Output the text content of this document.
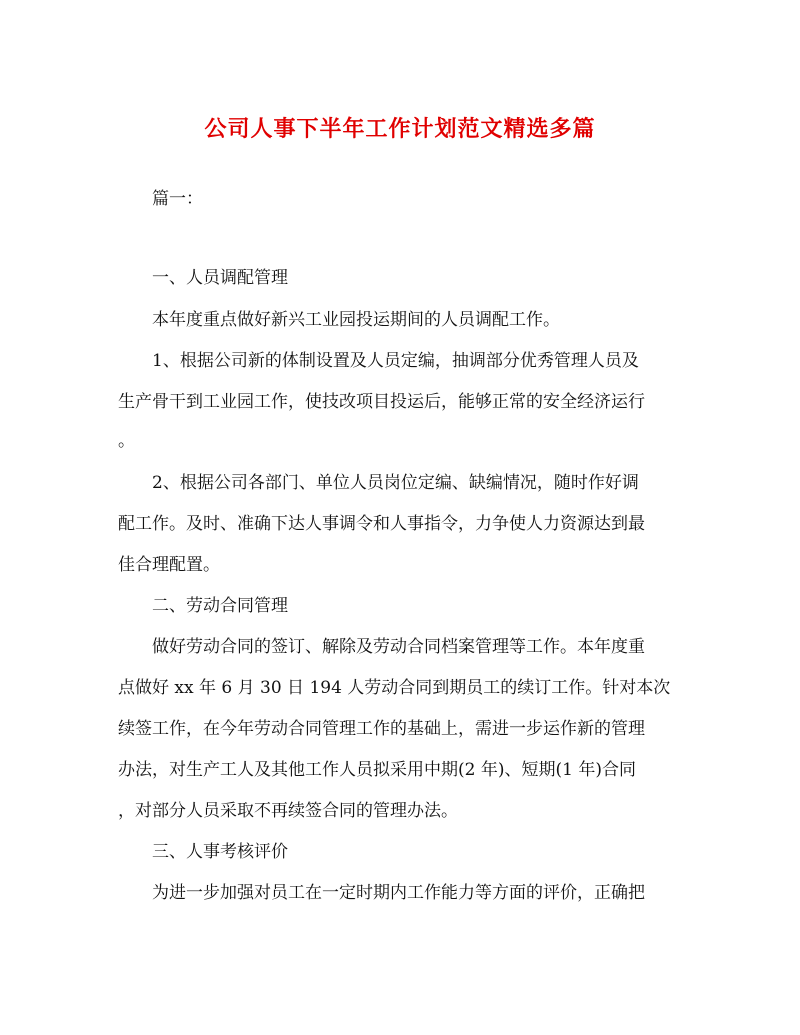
公司人事下半年工作计划范文精选多篇
篇一：
一、人员调配管理
本年度重点做好新兴工业园投运期间的人员调配工作。
1、根据公司新的体制设置及人员定编，抽调部分优秀管理人员及
生产骨干到工业园工作，使技改项目投运后，能够正常的安全经济运行
。
2、根据公司各部门、单位人员岗位定编、缺编情况，随时作好调
配工作。及时、准确下达人事调令和人事指令，力争使人力资源达到最
佳合理配置。
二、劳动合同管理
做好劳动合同的签订、解除及劳动合同档案管理等工作。本年度重
点做好 xx 年 6 月 30 日 194 人劳动合同到期员工的续订工作。针对本次
续签工作，在今年劳动合同管理工作的基础上，需进一步运作新的管理
办法，对生产工人及其他工作人员拟采用中期(2 年)、短期(1 年)合同
，对部分人员采取不再续签合同的管理办法。
三、人事考核评价
为进一步加强对员工在一定时期内工作能力等方面的评价，正确把
